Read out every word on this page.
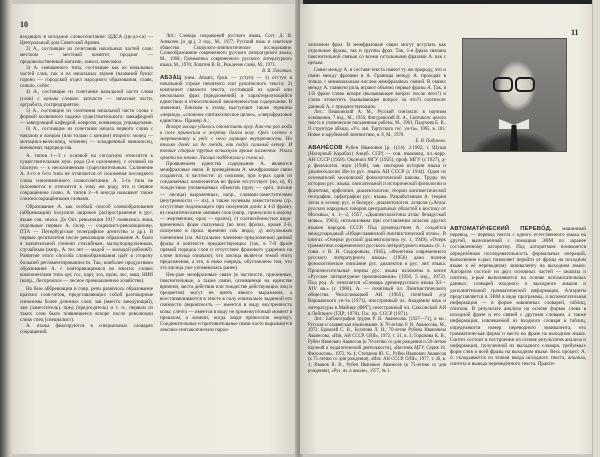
10

входящих в исходное словосочетание: ЦДСА (це-дэ-са) — Центральный дом Советской Армии.

2) А., состоящие из сочетания начальных частей слов: местком — местный комитет, продмаг — продовольственный магазин, завхоз, комсомол.

3) А. смешанного типа, состоящие как из начальных частей слов, так и из начальных звуков (названий букв): гороно — городской отдел народного образования, главк, сельпо, собес.

4) А., состоящие из сочетания начальной части слова (слов) с целым словом: запчасти — запасные части, оргработа, госпредприятие.

5) А., состоящие из сочетания начальной части слова с формой косвенного падежа существительного: завкафедрой — заведующий кафедрой, комроты, комвзвода, управделами.

6) А., состоящие из сочетания начала первого слова с началом и концом (или только с концом) второго: мопед — мотоцикл-велосипед, эсминец — эскадренный миноносец, военкомат, нарпредстав.

А. типов 1—3 с основой на согласную относятся к существительным муж. рода (2-е склонение), с основой на гласную — к несклоняемым существительным. Склонение А. 4-го и 6-го типа не отличается от склонения последнего слова синонимичного словосочетания. А. 5-го типа не склоняются и относятся к тому же роду, что и первое сокращённое слово. А. типов 2—6 иногда называют также сложносокращёнными словами.

Образование А. как особый способ словообразования (аббревиация) получило широкое распространение в рус. языке сов. эпохи. До Окт. революции 1917 появились лишь отдельные первые А. (эсер — социалист-революционер, ПТА — Петербургское телеграфное агентство и др.). В первые десятилетия после революции образование А. было в значительной степени стихийным, малоупорядоченным, случайным (напр., А. тех лет — мадой — молодой рабочий). Развитие этого способа словообразования идёт в сторону большей регламентированности. Так, наиболее продуктивно образование А. с повторяющимися во многих словах компонентами типа орг, гос, парт, хоз, пром, лес, маш, НИИ (напр., Леспромхоз — лесное промышленное хозяйство).

На базе аббревиации в совр. речи развилось образование кратких слов-четов, представляющих собой разговорные синонимы более длинных слов: зав (вместо заведующий), зам (заместитель), пред (председатель) и т. п.; первым из таких слов было появившееся вскоре после революции слово спец (специалист).

А. языка фиксируются в специальных словарях сокращений.

Лит.: Словарь сокращений русского языка, Сост. Д. И. Алексеев [и др.], 3 изд., М., 1977; Русский язык и советское общество. Социолого-лингвистическое исследование. Словообразование современного русского литературного языка, М., 1968; Грамматика современного русского литературного языка, М., 1970; Лопатин В. В., Рождение слова, М., 1973.

В. В. Лопатин.

АБЗА́Ц (нем. Absatz, букв. — уступ) — 1) отступ в начальной строке печатного или рукописного текста; 2) компонент связного текста, состоящий из одной или нескольких фраз (предложений) и характеризующийся единством и относительной законченностью содержания. В значении, близком к этому, выступают также термины «период», «сложное синтаксическое целое», «сверхфразовое единство». Пример А.:

Вскоре лисице удалось отомстить орлу. Как-то раз люди в поле приносили в жертву богам козу. Орёл слетел к жертвеннику и унёс с него горящие внутренности. Но только донёс их до гнезда, как подул сильный ветер. И тонкие старые прутья вспыхнули ярким пламенем. Упали орлята на землю. Лисица подбежала и съела их.

Проявлением единства содержания А. являются межфразовые связи. В приведённом А. межфразовые связи создаются, в частности: а) союзами, при к-рых один из соединяемых компонентов во фразе отсутствует (но, и), б) тождеством упоминаемых объектов (орлу — орёл, лисице — лисица) выраженных, напр., словами-заместителями (внутренности — их), а также нулевым заместителем (ср. отсутствие подлежащего при сказуемом донёс в 4-й фразе), в) семантическими связями слов (напр., приносили в жертву — жертвенник, орла — орлята), г) соотнесённостью видо-временны́х форм сказуемых (во всех фразах, кроме 2-й, сказуемое в прош. времени сов. вида), д) актуальным членением (см. Актуальное членение предложения) данной фразы в контексте предшествующих (так, в 7-й фразе прямой порядок слов и отсутствие фразового ударения на слове лисица означают, что лисица является темой этого предложения, а это, в свою очередь, обусловлено тем, что эта лисица уже упоминалась ранее).

Нек-рые межфразовые связи (в частности, причинные, пояснительные, а также связи, основанные на единстве времени, места действия или тождестве действующих лиц и предметов) могут не иметь явного выражения, а восстанавливаются в тексте в силу изначально заданной его связности (вероятность — имеется в виду внутренность козы; слетел — имеется в виду не промежуточный момент в прошлом, а момент, когда люди приносили жертву). Соединительные и противительные связи часто выражаются лексико-синтаксическим парал-

11

лелизмом фраз. В межфразовые связи могут вступать как отдельные фразы, так и группы фраз. Так, 1-я фраза связана пояснительной связью со всеми остальными фразами А. как с целым.

Связи между А. в составе текста имеют ту же природу, что и связи между фразами в А. Границы между А. проходят в точках с минимальным числом межфразовых связей. В связях между А. главную роль играют обычно первые фразы А. Так, в 1-й фразе слово вскоре (вызывающее вопрос после чего?) и слово отомстить (вызывающее вопрос за что?) соотносят данный А. с предшествующим.

Лит.: Пешковский А. М., Русский синтаксис в научном освещении, 7 изд., М., 1956; Фигуровский И. А., Синтаксис целого текста и ученические письменные работы, М., 1961; Падучева Е. В., О структуре абзаца, «Уч. зап. Тартуского гос. ун-та», 1965, в. 181: Новое в зарубежной лингвистике, в. 8, М., 1978.

Е. В. Падучева.

АВАНЕ́СОВ Рубен Иванович [р. 1(14). 2.1902, г. Шуша (Нагорный Карабах) Азерб. ССР] — сов. языковед, чл.-корр. АН СССР (1958). Окончил МГУ (1925), проф. МГУ (с 1927), д-р филологич. наук (1948), зав. сектором истории языка и диалектологии Ин-та рус. языка АН СССР (с 1944). Один из основателей московской фонологической школы. Труды по истории рус. языка, описательной и исторической фонологии и фонетике, орфоэпии, диалектологии, теории лингвистической географии, орфографии рус. языка. Разработанная А. теория легла в основу рус. и белорус. диалектологич. атласов («Атлас русских народных говоров центральных областей к востоку от Москвы», ч. 1—2, 1957, «Дыялекталагічны атлас беларускай мовы», 1963), использована при составлении атласов других языков народов СССР. Под руководством А. создаётся международный «Общеславянский лингвистический атлас». В книгах «Очерки русской диалектологии» (ч. 1, 1949), «Очерк грамматики современного русского литературного языка» (ч. 1, совм. с В. Н. Сидоровым, 1945), «Фонетика современного русского литературного языка» (1956) дано полное фонологическое описание рус. диалектов и рус. лит. языка. Произносительные нормы рус. языка изложены в книге «Русское литературное произношение» (1950, 5 изд., 1972). Под ред. А. печатается «Словарь древнерусского языка XI—XIV вв.» (с 1966). А. — почётный чл. Лингвистического общества Чехословацкой АН (1965), почётный д-р Варшавского ун-та (1973), иностранный чл. Академии наук и литературы в Майнце (ФРГ), иностранный чл. Саксонской АН в Лейпциге (ГДР; 1978). Гос. пр. СССР (1971).

Лит.: Библиография трудов Р. И. Аванесова. [1927—71], в кн.: Русская и славянская языкознание. К 70-летию Р. И. Аванесова, М., 1972; Бромлей С. В., Булатова Л. Н., 70-летие Рубена Ивановича Аванесова, «Изв. АН СССР. ОЛЯ», 1972, т. 31, в. 3; Горшкова К. В., Рубен Иванович Аванесов (к 70-летию со дня рождения и 50-летию научной и педагогической деятельности), «Вестник МГУ. Серия 10. Филология», 1972, № 4; Степанов Ю. С., Рубен Иванович Аванесов (к 75-летию со дня рождения), «Изв. АН СССР. ОЛЯ», 1977, т. 36, в. 1; Иванов В. В., Рубен Иванович Аванесов (к 75-летию со дня рождения), «Рус. яз. в школе», 1977, № 1.

АВТОМАТИ́ЧЕСКИЙ ПЕРЕВО́Д, машинный перевод, — перевод текста с одного естественного языка на другой, выполненный с помощью ЭВМ по заранее составленному алгоритму. Под алгоритмом понимается определённая последовательность формальных операций, выполнение к-рых позволяет перейти от фразы на исходном языке к её переводному эквиваленту на выходном языке. Алгоритм состоит из двух основных частей — анализа и синтеза, к-рые выполняются на основе вспомогательных данных: словарей входного и выходного языков и дополнительной грамматической информации. Алгоритм представляется в ЭВМ в виде программы, а вспомогательная информация — в форме машинных словарей, таблиц, списков. В результате анализа на основе формы слова в исходной фразе и его связей с другими словами, а также информации, извлекаемой из входного словаря и таблиц, определяются номер переводного эквивалента, его грамматическая форма и место во фразе на выходном языке. Синтез состоит в построении на основе результатов анализа и информации, полученной из выходного словаря, требуемых форм слов и всей фразы на выходном языке. Весь процесс А. п. складывается из этапов ввода исходного текста, анализа, синтеза и вывода переведённого текста. Практи-
